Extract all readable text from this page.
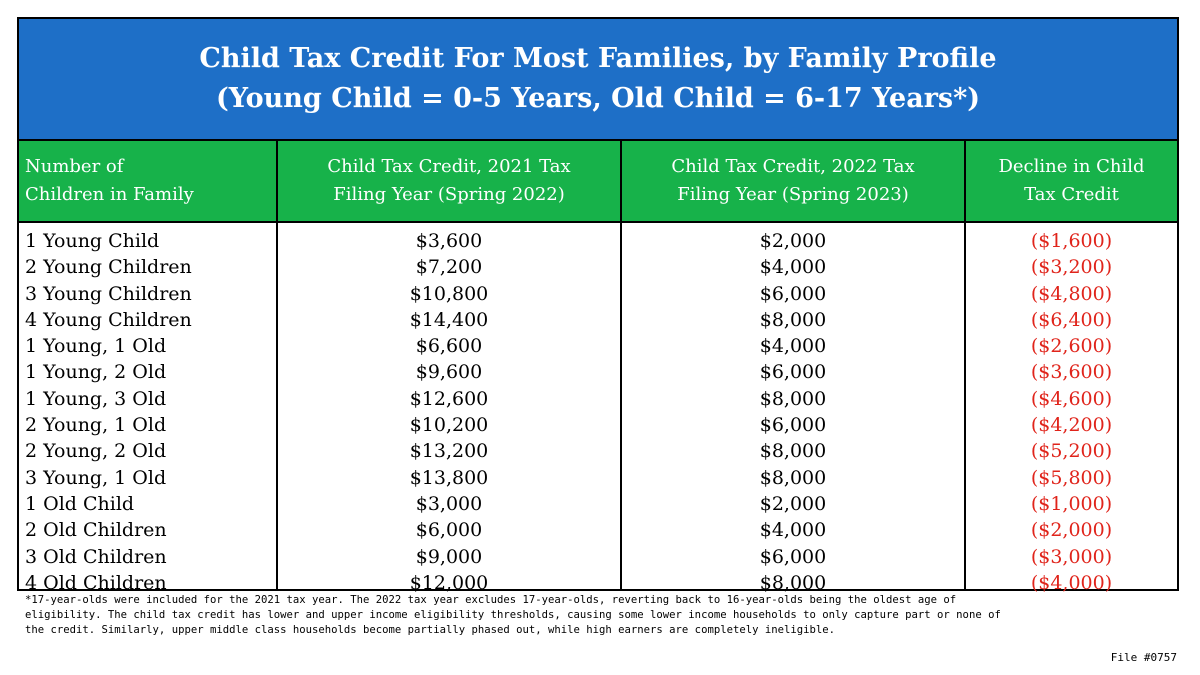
Child Tax Credit For Most Families, by Family Profile
(Young Child = 0-5 Years, Old Child = 6-17 Years*)
Number of
Children in Family
Child Tax Credit, 2021 Tax
Filing Year (Spring 2022)
Child Tax Credit, 2022 Tax
Filing Year (Spring 2023)
Decline in Child
Tax Credit
1 Young Child
2 Young Children
3 Young Children
4 Young Children
1 Young, 1 Old
1 Young, 2 Old
1 Young, 3 Old
2 Young, 1 Old
2 Young, 2 Old
3 Young, 1 Old
1 Old Child
2 Old Children
3 Old Children
4 Old Children
$3,600
$7,200
$10,800
$14,400
$6,600
$9,600
$12,600
$10,200
$13,200
$13,800
$3,000
$6,000
$9,000
$12,000
$2,000
$4,000
$6,000
$8,000
$4,000
$6,000
$8,000
$6,000
$8,000
$8,000
$2,000
$4,000
$6,000
$8,000
($1,600)
($3,200)
($4,800)
($6,400)
($2,600)
($3,600)
($4,600)
($4,200)
($5,200)
($5,800)
($1,000)
($2,000)
($3,000)
($4,000)
*17-year-olds were included for the 2021 tax year. The 2022 tax year excludes 17-year-olds, reverting back to 16-year-olds being the oldest age of
eligibility. The child tax credit has lower and upper income eligibility thresholds, causing some lower income households to only capture part or none of
the credit. Similarly, upper middle class households become partially phased out, while high earners are completely ineligible.
File #0757
